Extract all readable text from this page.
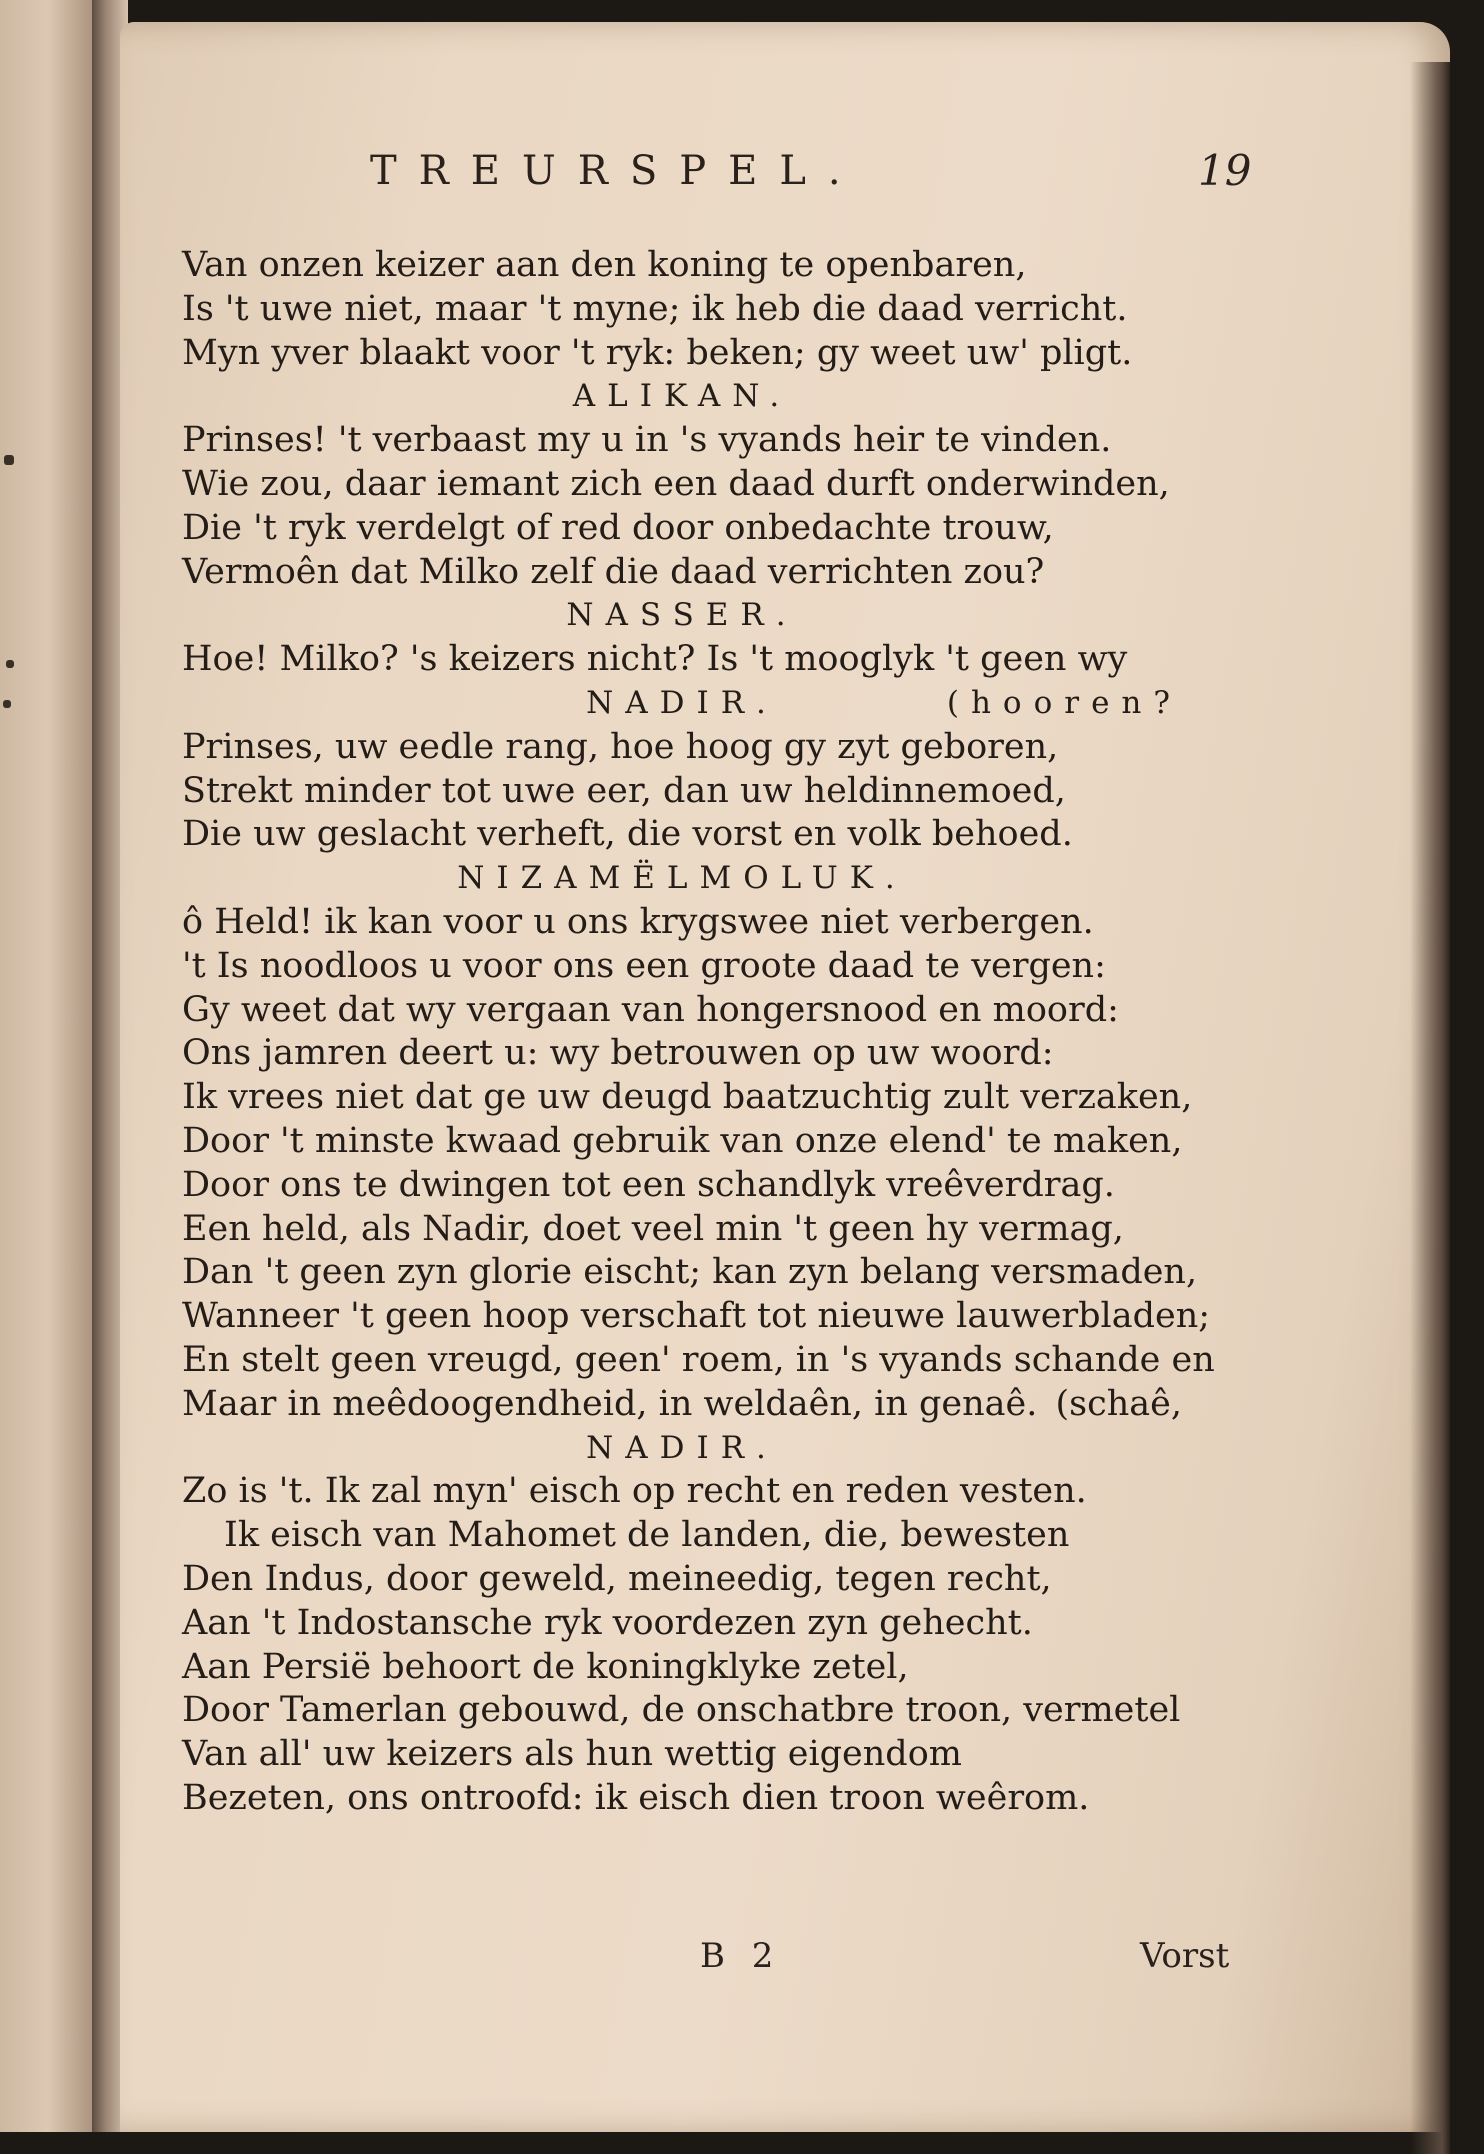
TREURSPEL.	19
Van onzen keizer aan den koning te openbaren,
Is 't uwe niet, maar 't myne; ik heb die daad verricht.
Myn yver blaakt voor 't ryk: beken; gy weet uw' pligt.
ALIKAN.
Prinses! 't verbaast my u in 's vyands heir te vinden.
Wie zou, daar iemant zich een daad durft onderwinden,
Die 't ryk verdelgt of red door onbedachte trouw,
Vermoên dat Milko zelf die daad verrichten zou?
NASSER.
Hoe! Milko? 's keizers nicht? Is 't mooglyk 't geen wy
NADIR.	(hooren?
Prinses, uw eedle rang, hoe hoog gy zyt geboren,
Strekt minder tot uwe eer, dan uw heldinnemoed,
Die uw geslacht verheft, die vorst en volk behoed.
NIZAMËLMOLUK.
ô Held! ik kan voor u ons krygswee niet verbergen.
't Is noodloos u voor ons een groote daad te vergen:
Gy weet dat wy vergaan van hongersnood en moord:
Ons jamren deert u: wy betrouwen op uw woord:
Ik vrees niet dat ge uw deugd baatzuchtig zult verzaken,
Door 't minste kwaad gebruik van onze elend' te maken,
Door ons te dwingen tot een schandlyk vreêverdrag.
Een held, als Nadir, doet veel min 't geen hy vermag,
Dan 't geen zyn glorie eischt; kan zyn belang versmaden,
Wanneer 't geen hoop verschaft tot nieuwe lauwerbladen;
En stelt geen vreugd, geen' roem, in 's vyands schande en
Maar in meêdoogendheid, in weldaên, in genaê. (schaê,
NADIR.
Zo is 't. Ik zal myn' eisch op recht en reden vesten.
Ik eisch van Mahomet de landen, die, bewesten
Den Indus, door geweld, meineedig, tegen recht,
Aan 't Indostansche ryk voordezen zyn gehecht.
Aan Persië behoort de koningklyke zetel,
Door Tamerlan gebouwd, de onschatbre troon, vermetel
Van all' uw keizers als hun wettig eigendom
Bezeten, ons ontroofd: ik eisch dien troon weêrom.
B 2	Vorst
